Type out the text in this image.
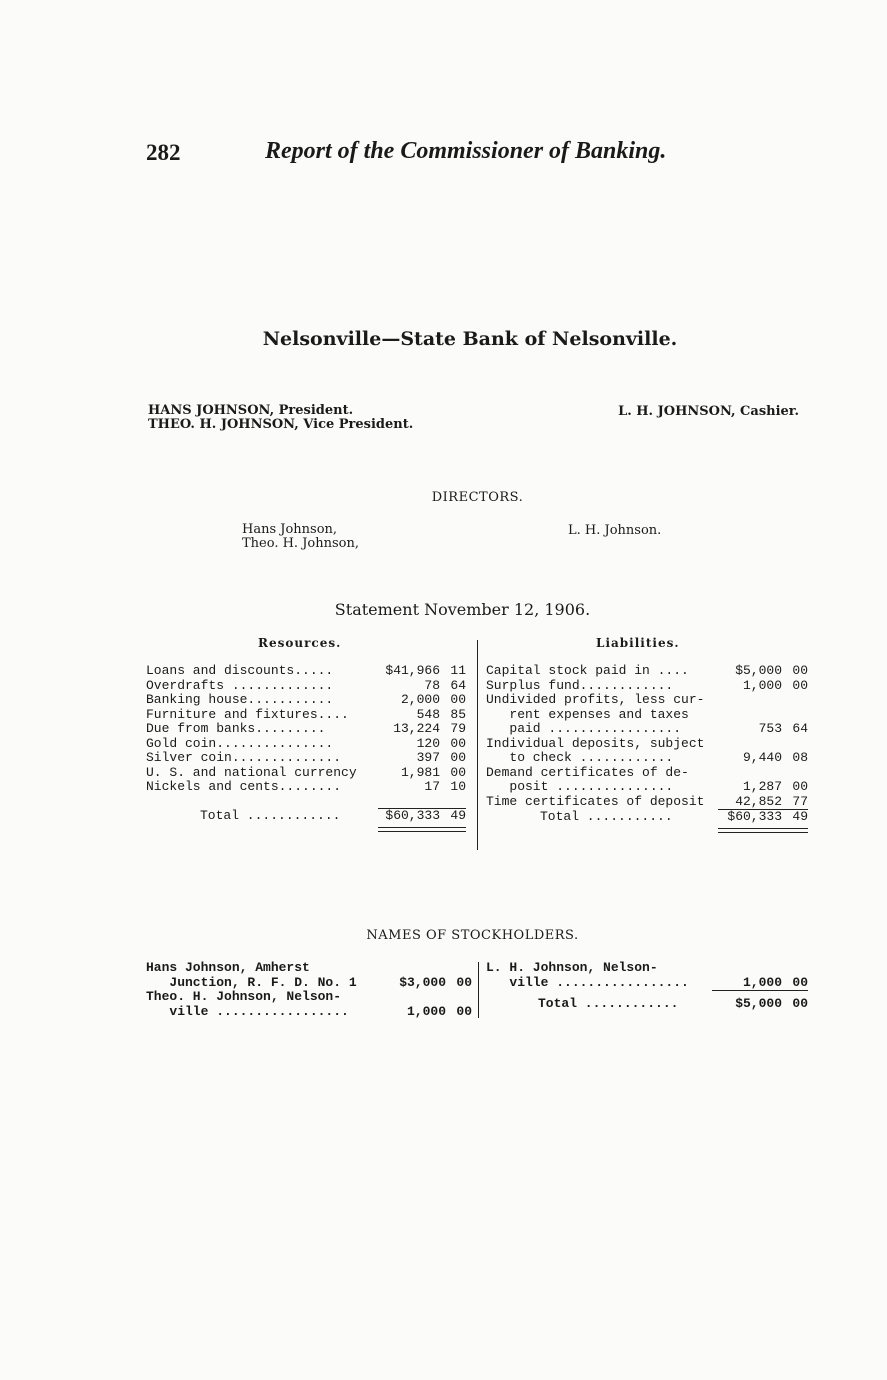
282	Report of the Commissioner of Banking.
Nelsonville—State Bank of Nelsonville.
HANS JOHNSON, President.
THEO. H. JOHNSON, Vice President.
L. H. JOHNSON, Cashier.
DIRECTORS.
Hans Johnson,
Theo. H. Johnson,
L. H. Johnson.
Statement November 12, 1906.
Resources.	Liabilities.
Loans and discounts.....	$41,966	11
Overdrafts .............	78	64
Banking house...........	2,000	00
Furniture and fixtures....	548	85
Due from banks.........	13,224	79
Gold coin...............	120	00
Silver coin..............	397	00
U. S. and national currency	1,981	00
Nickels and cents........	17	10

Total ............	$60,333	49

Capital stock paid in ....	$5,000	00
Surplus fund............	1,000	00
Undivided profits, less cur-		
rent expenses and taxes		
paid .................	753	64
Individual deposits, subject		
to check ............	9,440	08
Demand certificates of de-		
posit ...............	1,287	00
Time certificates of deposit	42,852	77
Total ...........	$60,333	49

NAMES OF STOCKHOLDERS.
Hans Johnson, Amherst		
Junction, R. F. D. No. 1	$3,000	00
Theo. H. Johnson, Nelson-		
ville .................	1,000	00
L. H. Johnson, Nelson-		
ville .................	1,000	00
Total ............	$5,000	00
